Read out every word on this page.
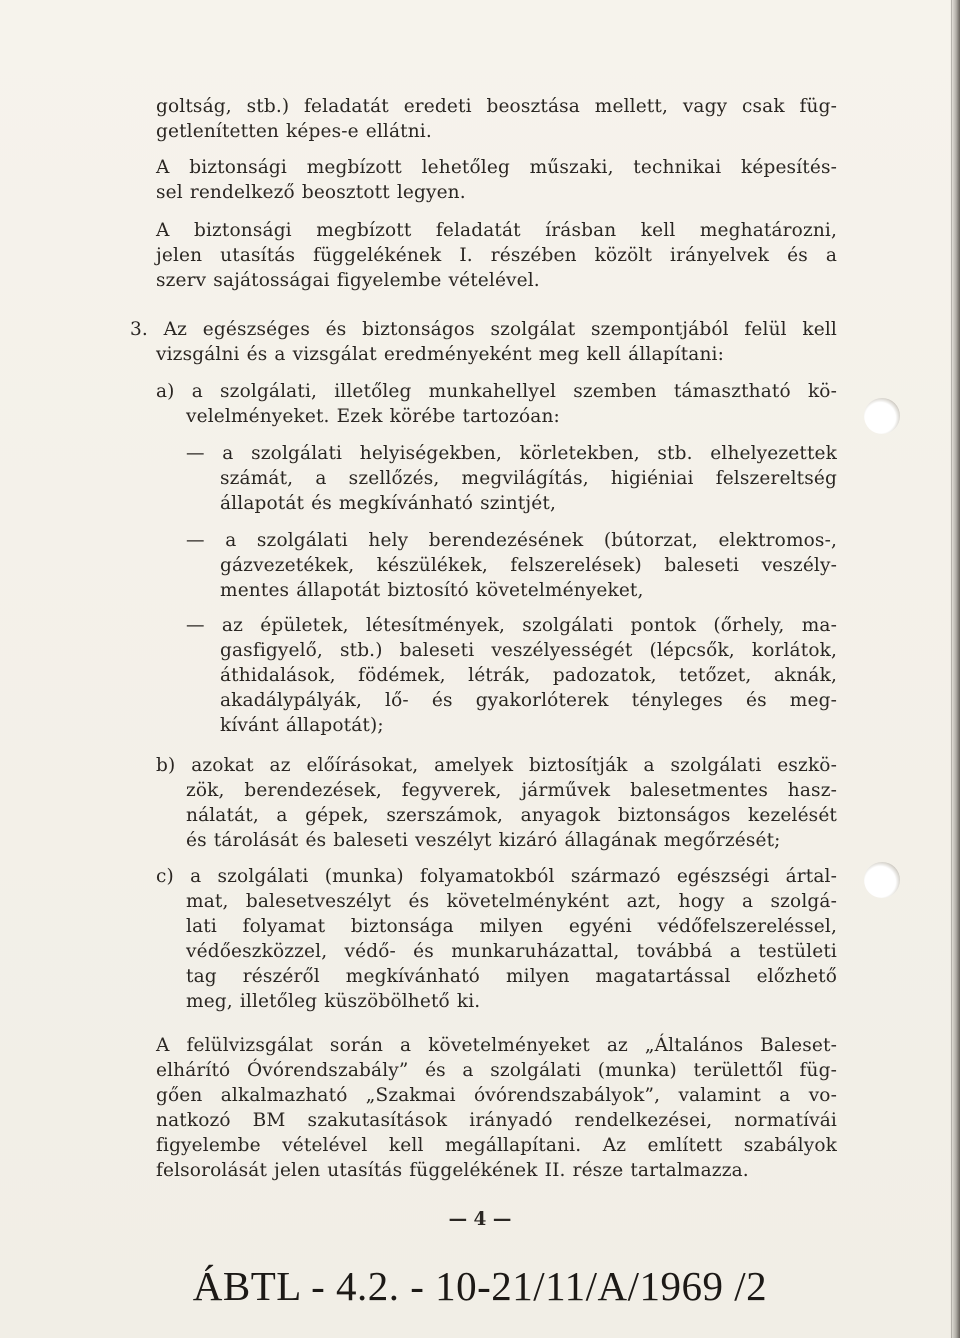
goltság, stb.) feladatát eredeti beosztása mellett, vagy csak füg-
getlenítetten képes-e ellátni.
A biztonsági megbízott lehetőleg műszaki, technikai képesítés-
sel rendelkező beosztott legyen.
A biztonsági megbízott feladatát írásban kell meghatározni,
jelen utasítás függelékének I. részében közölt irányelvek és a
szerv sajátosságai figyelembe vételével.
3. Az egészséges és biztonságos szolgálat szempontjából felül kell
vizsgálni és a vizsgálat eredményeként meg kell állapítani:
a) a szolgálati, illetőleg munkahellyel szemben támasztható kö-
velelményeket. Ezek körébe tartozóan:
— a szolgálati helyiségekben, körletekben, stb. elhelyezettek
számát, a szellőzés, megvilágítás, higiéniai felszereltség
állapotát és megkívánható szintjét,
— a szolgálati hely berendezésének (bútorzat, elektromos-,
gázvezetékek, készülékek, felszerelések) baleseti veszély-
mentes állapotát biztosító követelményeket,
— az épületek, létesítmények, szolgálati pontok (őrhely, ma-
gasfigyelő, stb.) baleseti veszélyességét (lépcsők, korlátok,
áthidalások, födémek, létrák, padozatok, tetőzet, aknák,
akadálypályák, lő- és gyakorlóterek tényleges és meg-
kívánt állapotát);
b) azokat az előírásokat, amelyek biztosítják a szolgálati eszkö-
zök, berendezések, fegyverek, járművek balesetmentes hasz-
nálatát, a gépek, szerszámok, anyagok biztonságos kezelését
és tárolását és baleseti veszélyt kizáró állagának megőrzését;
c) a szolgálati (munka) folyamatokból származó egészségi ártal-
mat, balesetveszélyt és követelményként azt, hogy a szolgá-
lati folyamat biztonsága milyen egyéni védőfelszereléssel,
védőeszközzel, védő- és munkaruházattal, továbbá a testületi
tag részéről megkívánható milyen magatartással előzhető
meg, illetőleg küszöbölhető ki.
A felülvizsgálat során a követelményeket az „Általános Baleset-
elhárító Óvórendszabály” és a szolgálati (munka) területtől füg-
gően alkalmazható „Szakmai óvórendszabályok”, valamint a vo-
natkozó BM szakutasítások irányadó rendelkezései, normatívái
figyelembe vételével kell megállapítani. Az említett szabályok
felsorolását jelen utasítás függelékének II. része tartalmazza.
— 4 —
ÁBTL - 4.2. - 10-21/11/A/1969 /2
